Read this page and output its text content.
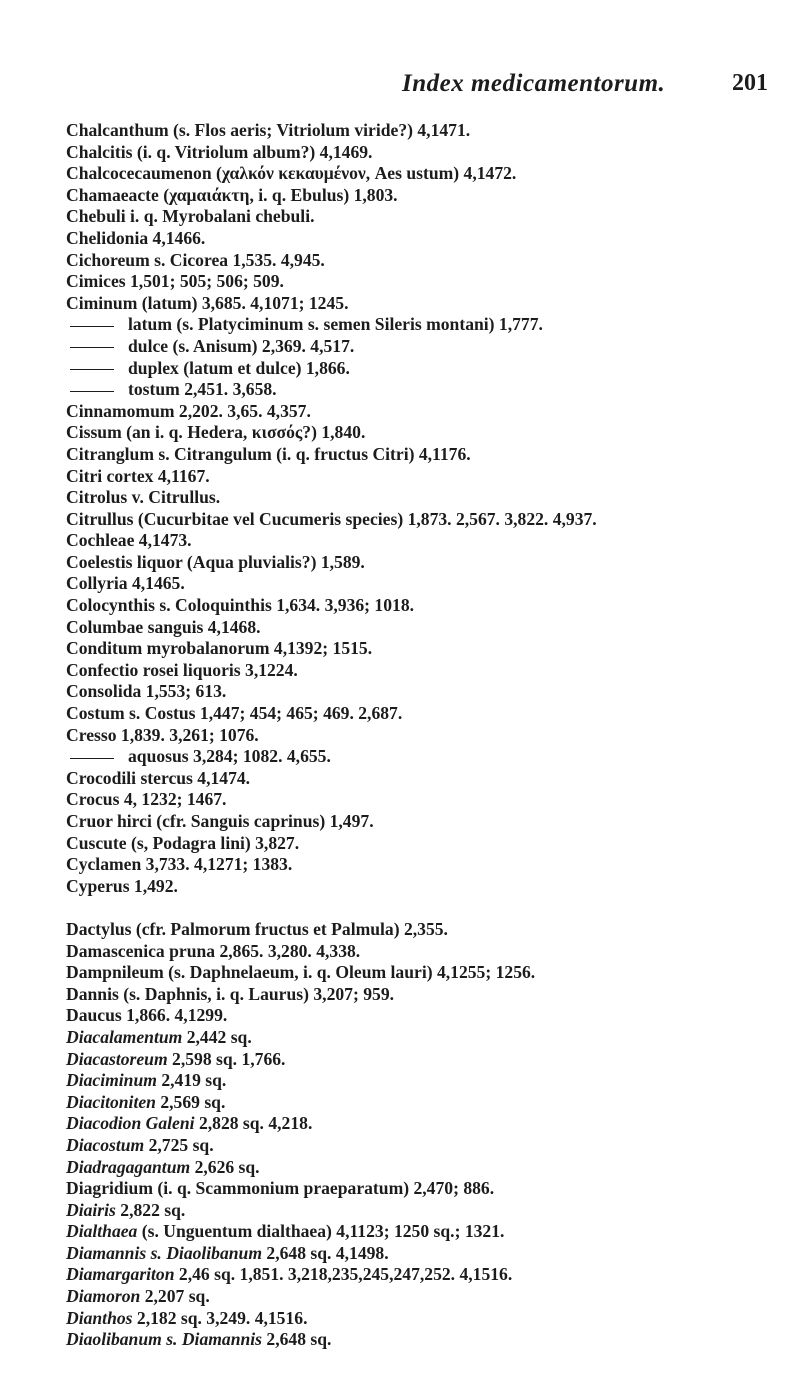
Index medicamentorum.	201
Chalcanthum (s. Flos aeris; Vitriolum viride?) 4,1471.
Chalcitis (i. q. Vitriolum album?) 4,1469.
Chalcocecaumenon (χαλκόν κεκαυμένον, Aes ustum) 4,1472.
Chamaeacte (χαμαιάκτη, i. q. Ebulus) 1,803.
Chebuli i. q. Myrobalani chebuli.
Chelidonia 4,1466.
Cichoreum s. Cicorea 1,535. 4,945.
Cimices 1,501; 505; 506; 509.
Ciminum (latum) 3,685. 4,1071; 1245.
latum (s. Platyciminum s. semen Sileris montani) 1,777.
dulce (s. Anisum) 2,369. 4,517.
duplex (latum et dulce) 1,866.
tostum 2,451. 3,658.
Cinnamomum 2,202. 3,65. 4,357.
Cissum (an i. q. Hedera, κισσός?) 1,840.
Citranglum s. Citrangulum (i. q. fructus Citri) 4,1176.
Citri cortex 4,1167.
Citrolus v. Citrullus.
Citrullus (Cucurbitae vel Cucumeris species) 1,873. 2,567. 3,822. 4,937.
Cochleae 4,1473.
Coelestis liquor (Aqua pluvialis?) 1,589.
Collyria 4,1465.
Colocynthis s. Coloquinthis 1,634. 3,936; 1018.
Columbae sanguis 4,1468.
Conditum myrobalanorum 4,1392; 1515.
Confectio rosei liquoris 3,1224.
Consolida 1,553; 613.
Costum s. Costus 1,447; 454; 465; 469. 2,687.
Cresso 1,839. 3,261; 1076.
aquosus 3,284; 1082. 4,655.
Crocodili stercus 4,1474.
Crocus 4, 1232; 1467.
Cruor hirci (cfr. Sanguis caprinus) 1,497.
Cuscute (s, Podagra lini) 3,827.
Cyclamen 3,733. 4,1271; 1383.
Cyperus 1,492.
Dactylus (cfr. Palmorum fructus et Palmula) 2,355.
Damascenica pruna 2,865. 3,280. 4,338.
Dampnileum (s. Daphnelaeum, i. q. Oleum lauri) 4,1255; 1256.
Dannis (s. Daphnis, i. q. Laurus) 3,207; 959.
Daucus 1,866. 4,1299.
Diacalamentum 2,442 sq.
Diacastoreum 2,598 sq. 1,766.
Diaciminum 2,419 sq.
Diacitoniten 2,569 sq.
Diacodion Galeni 2,828 sq. 4,218.
Diacostum 2,725 sq.
Diadragagantum 2,626 sq.
Diagridium (i. q. Scammonium praeparatum) 2,470; 886.
Diairis 2,822 sq.
Dialthaea (s. Unguentum dialthaea) 4,1123; 1250 sq.; 1321.
Diamannis s. Diaolibanum 2,648 sq. 4,1498.
Diamargariton 2,46 sq. 1,851. 3,218,235,245,247,252. 4,1516.
Diamoron 2,207 sq.
Dianthos 2,182 sq. 3,249. 4,1516.
Diaolibanum s. Diamannis 2,648 sq.
